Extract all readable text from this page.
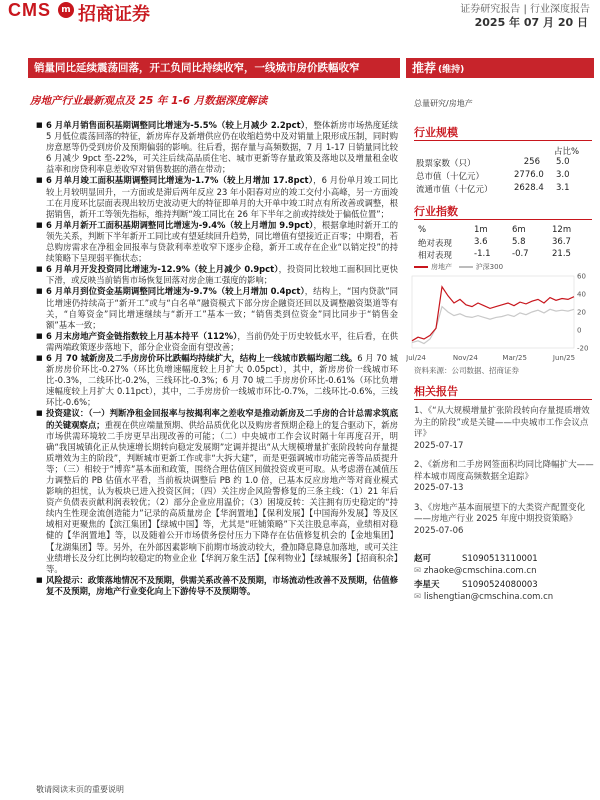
CMS	m 招商证券	证券研究报告 | 行业深度报告
2025 年 07 月 20 日
销量同比延续震荡回落，开工负同比持续收窄，一线城市房价跌幅收窄	推荐 (维持)
房地产行业最新观点及 25 年 1-6 月数据深度解读	总量研究/房地产

■ 6 月单月销售面积基期调整同比增速为-5.5%（较上月减少 2.2pct），整体新房市场热度延续 5 月低位震荡回落的特征，新房库存及新增供应仍在收缩趋势中及对销量上限形成压制，同时购房意愿等仍受到房价及预期偏弱的影响。往后看，据存量与高频数据，7 月 1-17 日销量同比较 6 月减少 9pct 至-22%，可关注后续高品质住宅、城市更新等存量政策及落地以及增量租金收益率和房贷利率息差收窄对销售数据的潜在带动；

■ 6 月单月竣工面积基期调整同比增速为-1.7%（较上月增加 17.8pct），6 月份单月竣工同比较上月较明显回升，一方面或是滞后两年反应 23 年小阳春对应的竣工交付小高峰，另一方面竣工在月度环比层面表现出较历史波动更大的特征即单月的大开单中竣工时点有所改善或调整，根据销售，新开工等领先指标，维持判断“竣工同比在 26 年下半年之前或持续处于偏低位置”；

■ 6 月单月新开工面积基期调整同比增速为-9.4%（较上月增加 9.9pct），根据拿地时新开工的领先关系，判断下半年新开工同比或有望延续回升趋势，同比增值有望接近正百零；中期看，若总购房需求在净租金回报率与贷款利率差收窄下逐步企稳，新开工或存在企业“以销定投”的持续策略下呈现弱平衡状态；

■ 6 月单月开发投资同比增速为-12.9%（较上月减少 0.9pct），投资同比较地工面积回比更快下滑，或反映当前销售市场恢复回落对房企施工强度的影响；

■ 6 月单月到位资金基期调整同比增速为-9.7%（较上月增加 0.4pct），结构上，“国内贷款”同比增速仍持续高于“新开工”或与“白名单”融资模式下部分房企融资还回以及调整融资渠道等有关，“自筹资金”同比增速继续与“新开工”基本一致；“销售类到位资金”同比同步于“销售金额”基本一致；

■ 6 月末房地产资金链指数较上月基本持平（112%），当前仍处于历史较低水平，往后看，在供需两端政策逐步落地下，部分企业资金面有望改善；

■ 6 月 70 城新房及二手房房价环比跌幅均持续扩大，结构上一线城市跌幅均超二线。6 月 70 城新房房价环比-0.27%（环比负增速幅度较上月扩大 0.05pct），其中，新房房价一线城市环比-0.3%，二线环比-0.2%，三线环比-0.3%；6 月 70 城二手房房价环比-0.61%（环比负增速幅度较上月扩大 0.11pct），其中，二手房房价一线城市环比-0.7%，二线环比-0.6%，三线环比-0.6%；

■ 投资建议：（一）判断净租金回报率与按揭利率之差收窄是推动新房及二手房的合计总需求筑底的关键观察点；重视在供应端量预期、供给品质优化以及购房者预期企稳上的复合驱动下，新房市场供需环境较二手房更早出现改善的可能；（二）中央城市工作会议时隔十年再度召开，明确“我国城镇化正从快速增长期转向稳定发展期”定调并提出“从大规模增量扩张阶段转向存量提质增效为主的阶段”，判断城市更新工作或非“大拆大建”，而是更强调城市功能完善等品质提升等；（三）相较于“博弈”基本面和政策，围绕合理估值区间做投资或更可取。从考虑潜在减值压力调整后的 PB 估值水平看，当前板块调整后 PB 约 1.0 倍，已基本反应房地产等对商业模式影响的担忧，认为板块已进入投资区间；（四）关注房企风险警修复的三条主线：（1）21 年后资产负债表贡献利润表较优；（2）部分企业应用温价；（3）困境反转：关注拥有历史稳定的“持续内生性现金流创造能力”记录的高质量房企【华润置地】【保利发展】【中国海外发展】等及区域相对更聚焦的【滨江集团】【绿城中国】等，尤其是“旺铺策略”下关注股息率高，业绩相对稳健的【华润置地】等，以及随着公开市场债务偿付压力下降存在估值修复机会的【金地集团】【龙湖集团】等。另外，在外部因素影响下前期市场波动较大，叠加降息降息加落地，或可关注业绩增长及分红比例均较稳定的物业企业【华润万象生活】【保利物业】【绿城服务】【招商积余】等。

■ 风险提示：政策落地情况不及预期，供需关系改善不及预期，市场流动性改善不及预期，估值修复不及预期，房地产行业变化向上下游传导不及预期等。

行业规模
占比%
股票家数（只）	256 5.0
总市值（十亿元）	2776.0 3.0
流通市值（十亿元）	2628.4 3.1
行业指数
%	1m	6m	12m
绝对表现	3.6	5.8	36.7
相对表现	-1.1	-0.7	21.5
房地产	沪深300
60
40
20
0
-20
Jul/24	Nov/24	Mar/25	Jun/25
资料来源：公司数据、招商证券
相关报告
1、《“从大规模增量扩张阶段转向存量提质增效为主的阶段”或是关键——中央城市工作会议点评》
2025-07-17
2、《新房和二手房网签面积均同比降幅扩大——样本城市周度高频数据全追踪》
2025-07-13
3、《房地产基本面展望下的大类资产配置变化——房地产行业 2025 年度中期投资策略》
2025-07-06
赵可	S1090513110001
✉ zhaoke@cmschina.com.cn
李星天	S1090524080003
✉ lishengtian@cmschina.com.cn
敬请阅读末页的重要说明
